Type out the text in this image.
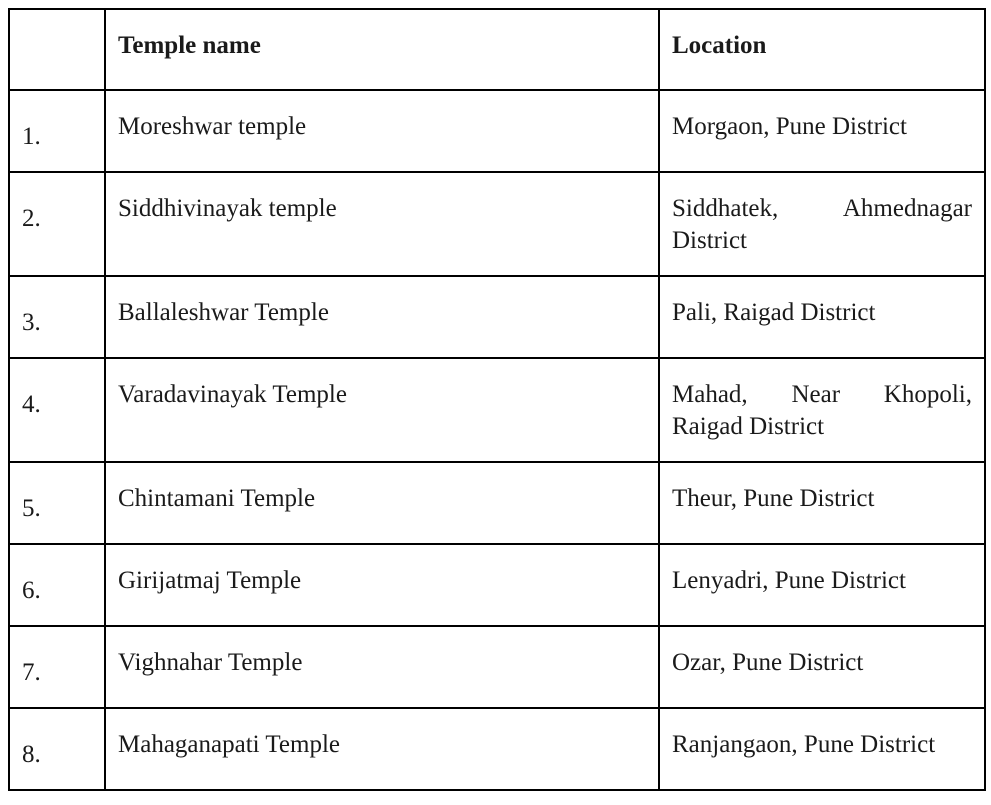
	Temple name	Location
1.	Moreshwar temple	Morgaon, Pune District
2.	Siddhivinayak temple	Siddhatek, Ahmednagar District
3.	Ballaleshwar Temple	Pali, Raigad District
4.	Varadavinayak Temple	Mahad, Near Khopoli, Raigad District
5.	Chintamani Temple	Theur, Pune District
6.	Girijatmaj Temple	Lenyadri, Pune District
7.	Vighnahar Temple	Ozar, Pune District
8.	Mahaganapati Temple	Ranjangaon, Pune District
